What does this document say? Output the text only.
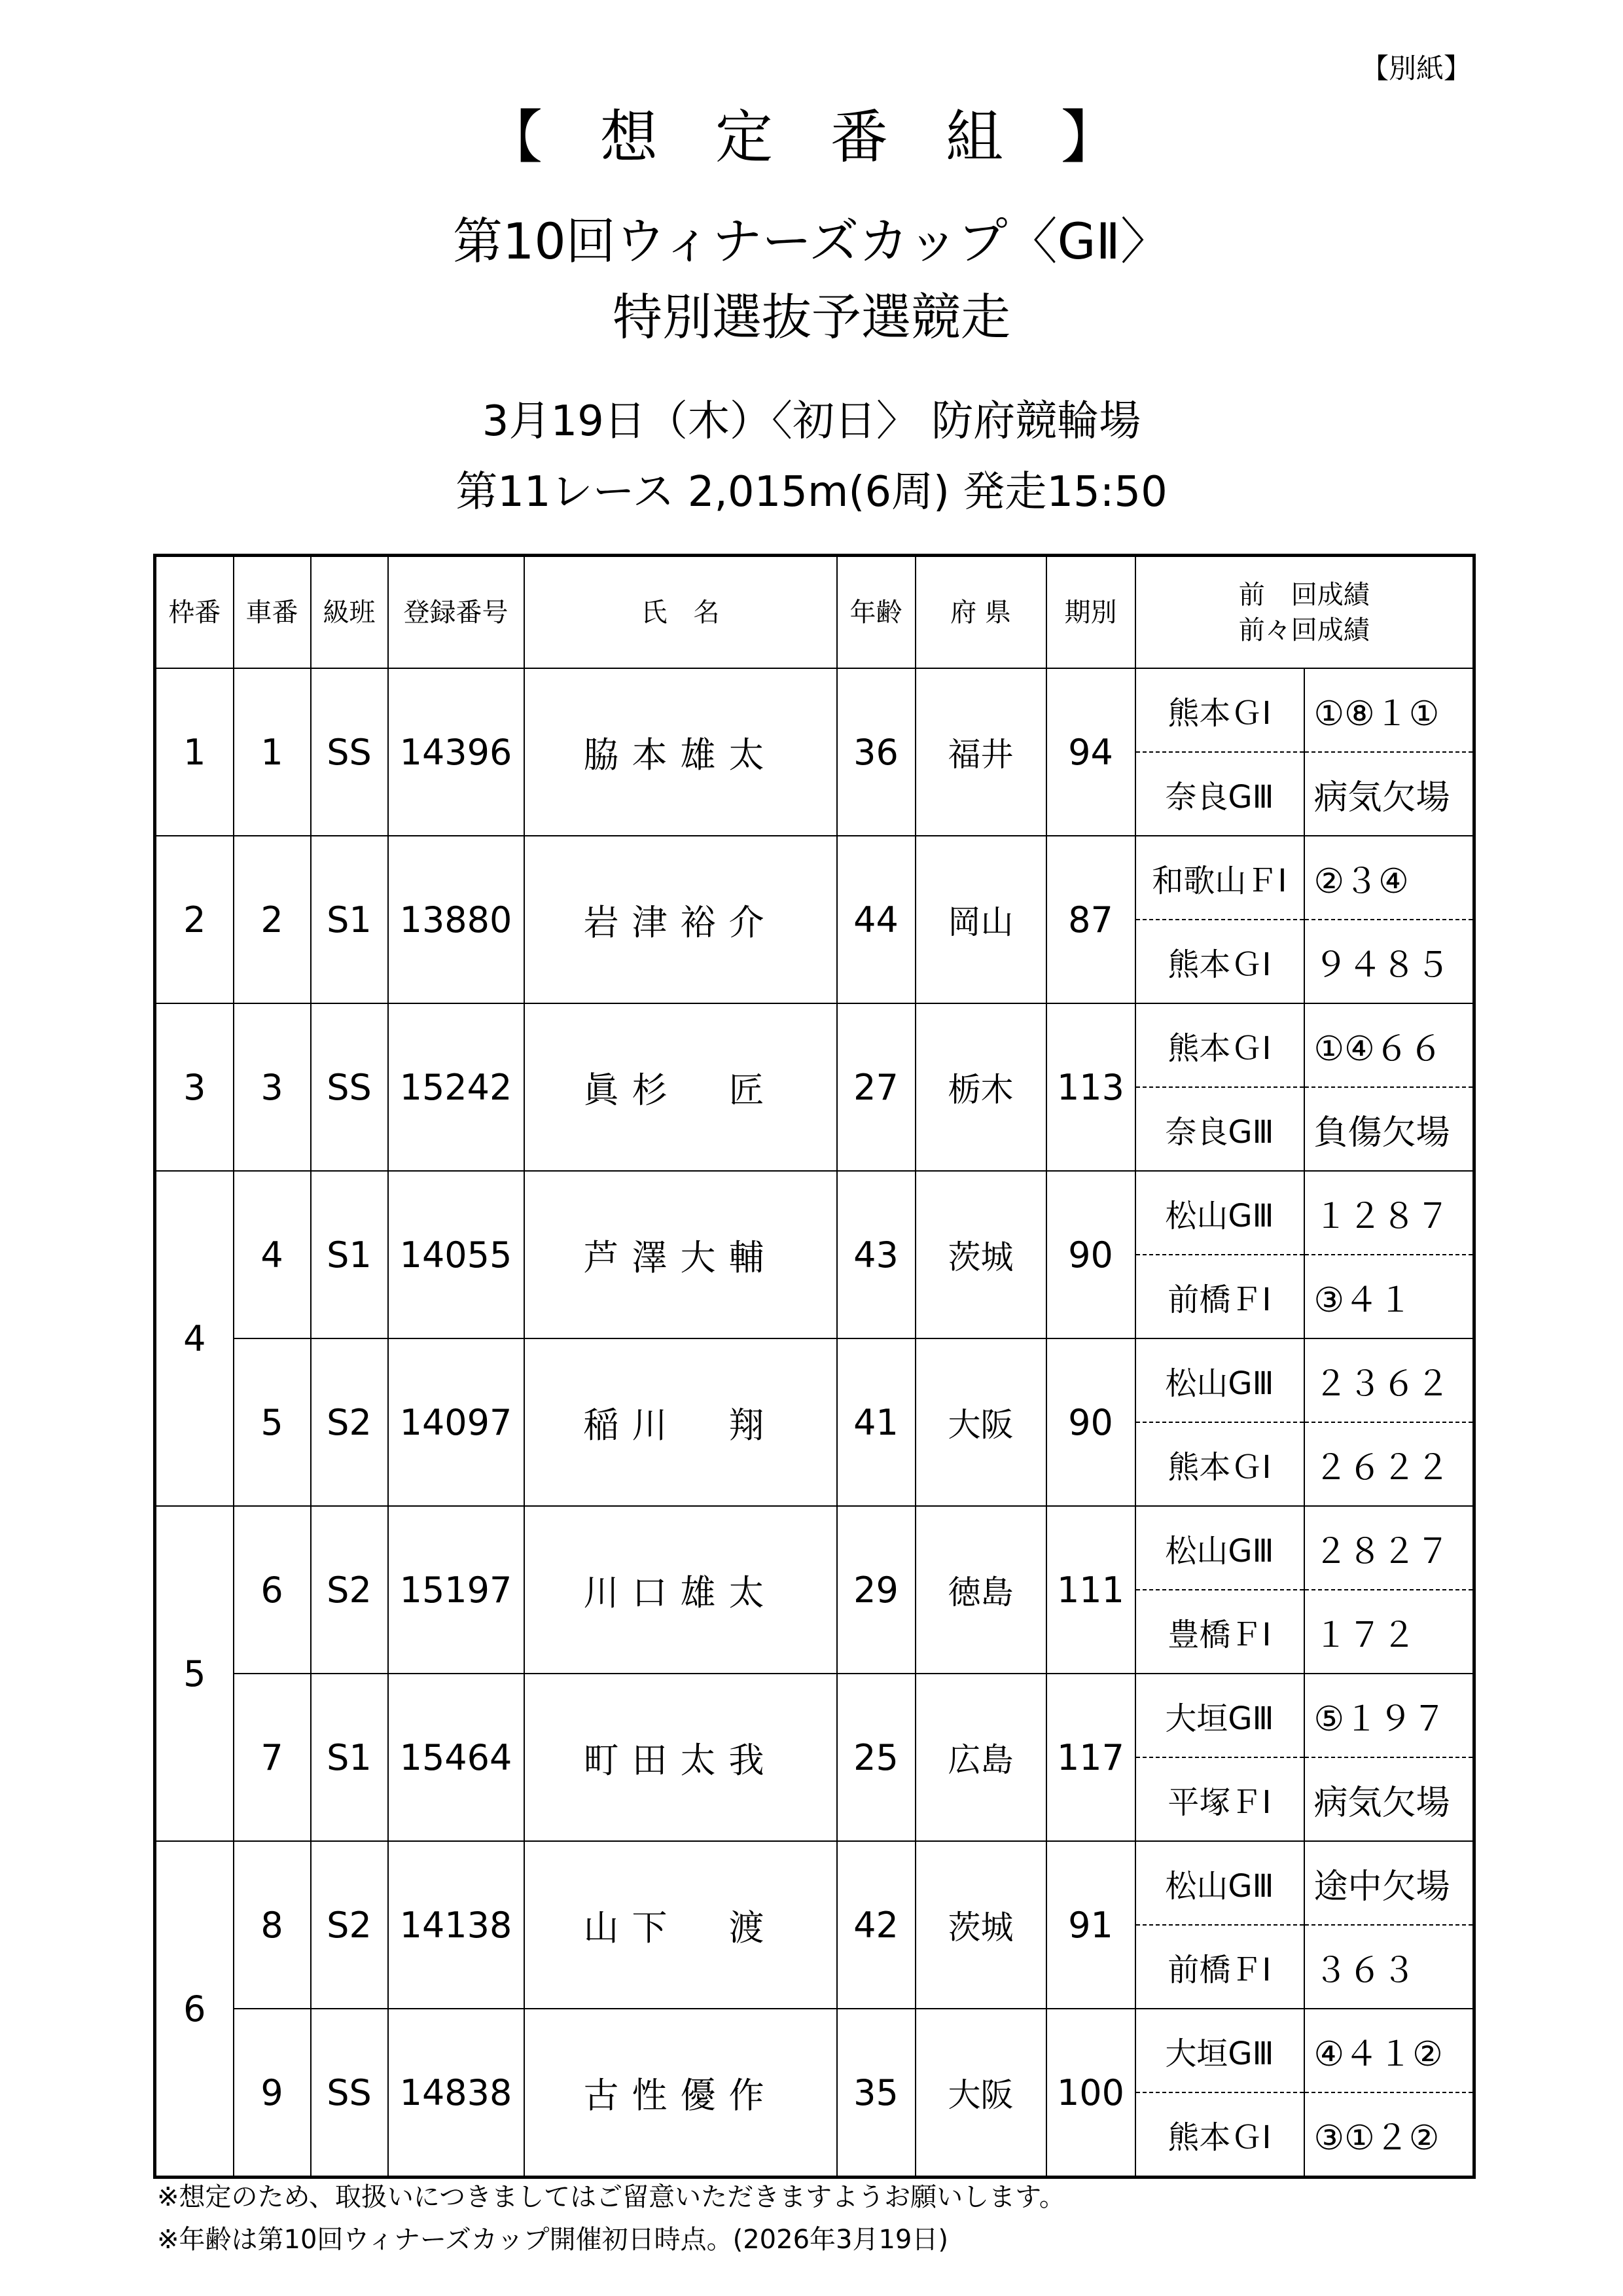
【別紙】
【 想 定 番 組 】
第10回ウィナーズカップ〈GⅡ〉
特別選抜予選競走
3月19日（木）〈初日〉 防府競輪場
第11レース 2,015m(6周) 発走15:50
枠番	車番	級班	登録番号	氏　名	年齢	府 県	期別	前　回成績
前々回成績	

1	1	SS	14396	脇本雄太	36	福井	94	熊本ＧⅠ	①⑧１①
								奈良GⅢ	病気欠場
2	2	S1	13880	岩津裕介	44	岡山	87	和歌山ＦⅠ	②３④
								熊本ＧⅠ	９４８５
3	3	SS	15242	眞杉　匠	27	栃木	113	熊本ＧⅠ	①④６６
								奈良GⅢ	負傷欠場
4	4	S1	14055	芦澤大輔	43	茨城	90	松山GⅢ	１２８７
								前橋ＦⅠ	③４１
	5	S2	14097	稲川　翔	41	大阪	90	松山GⅢ	２３６２
								熊本ＧⅠ	２６２２
5	6	S2	15197	川口雄太	29	徳島	111	松山GⅢ	２８２７
								豊橋ＦⅠ	１７２
	7	S1	15464	町田太我	25	広島	117	大垣GⅢ	⑤１９７
								平塚ＦⅠ	病気欠場
6	8	S2	14138	山下　渡	42	茨城	91	松山GⅢ	途中欠場
								前橋ＦⅠ	３６３
	9	SS	14838	古性優作	35	大阪	100	大垣GⅢ	④４１②
								熊本ＧⅠ	③①２②
※想定のため、取扱いにつきましてはご留意いただきますようお願いします。
※年齢は第10回ウィナーズカップ開催初日時点。(2026年3月19日)
